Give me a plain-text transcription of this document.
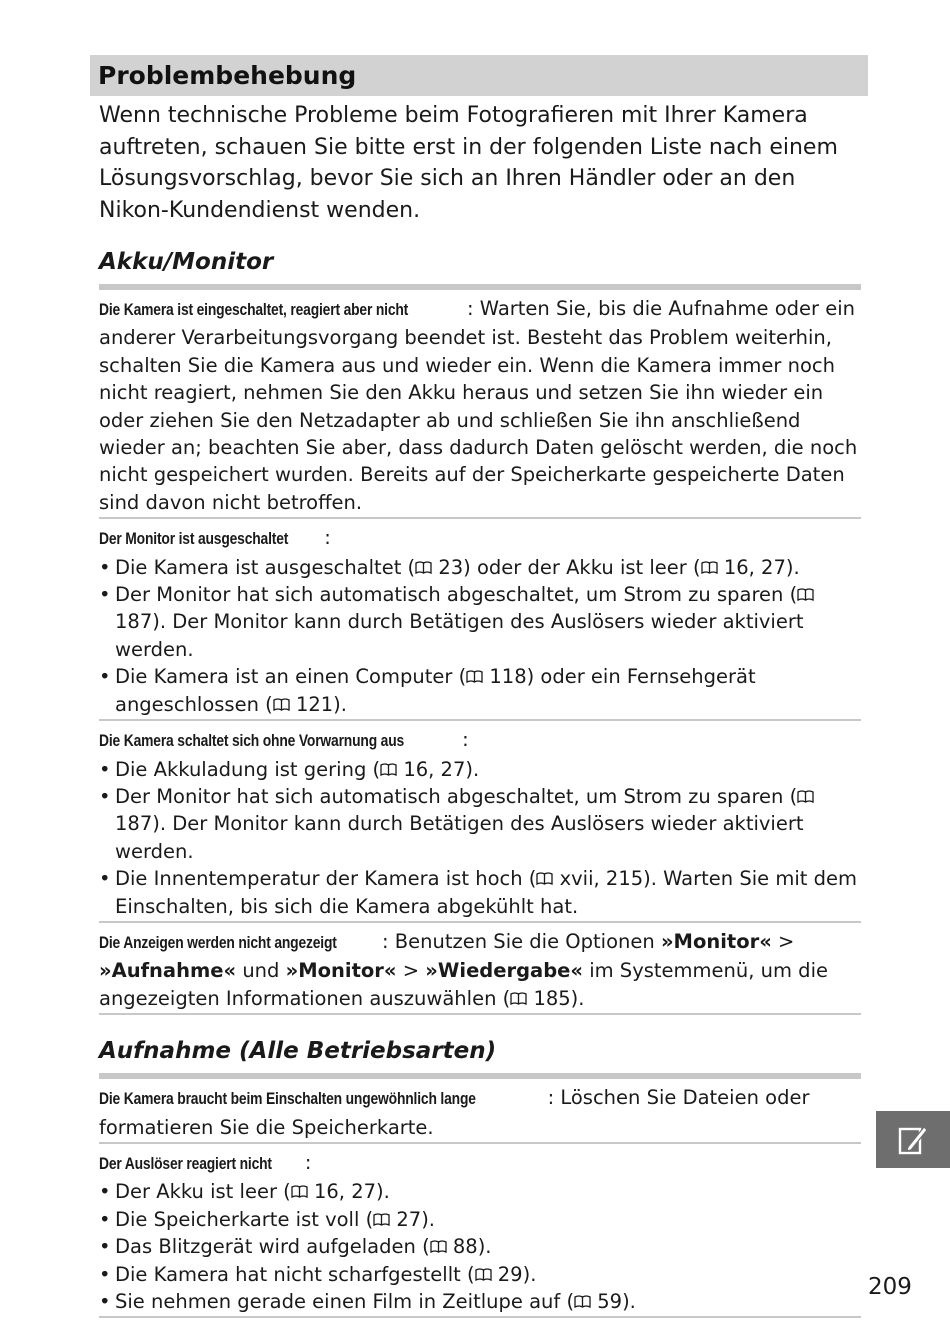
Problembehebung

Wenn technische Probleme beim Fotografieren mit Ihrer Kamera auftreten, schauen Sie bitte erst in der folgenden Liste nach einem Lösungsvorschlag, bevor Sie sich an Ihren Händler oder an den Nikon-Kundendienst wenden.

Akku/Monitor

Die Kamera ist eingeschaltet, reagiert aber nicht	: Warten Sie, bis die Aufnahme oder ein anderer Verarbeitungsvorgang beendet ist. Besteht das Problem weiterhin, schalten Sie die Kamera aus und wieder ein. Wenn die Kamera immer noch nicht reagiert, nehmen Sie den Akku heraus und setzen Sie ihn wieder ein oder ziehen Sie den Netzadapter ab und schließen Sie ihn anschließend wieder an; beachten Sie aber, dass dadurch Daten gelöscht werden, die noch nicht gespeichert wurden. Bereits auf der Speicherkarte gespeicherte Daten sind davon nicht betroffen.

Der Monitor ist ausgeschaltet :

• Die Kamera ist ausgeschaltet ( 23) oder der Akku ist leer ( 16, 27).
• Der Monitor hat sich automatisch abgeschaltet, um Strom zu sparen ( 187). Der Monitor kann durch Betätigen des Auslösers wieder aktiviert werden.
• Die Kamera ist an einen Computer ( 118) oder ein Fernsehgerät angeschlossen ( 121).

Die Kamera schaltet sich ohne Vorwarnung aus	:

• Die Akkuladung ist gering ( 16, 27).
• Der Monitor hat sich automatisch abgeschaltet, um Strom zu sparen ( 187). Der Monitor kann durch Betätigen des Auslösers wieder aktiviert werden.
• Die Innentemperatur der Kamera ist hoch ( xvii, 215). Warten Sie mit dem Einschalten, bis sich die Kamera abgekühlt hat.

Die Anzeigen werden nicht angezeigt : Benutzen Sie die Optionen »Monitor« > »Aufnahme« und »Monitor« > »Wiedergabe« im Systemmenü, um die angezeigten Informationen auszuwählen ( 185).

Aufnahme (Alle Betriebsarten)

Die Kamera braucht beim Einschalten ungewöhnlich lange	: Löschen Sie Dateien oder formatieren Sie die Speicherkarte.

Der Auslöser reagiert nicht :

• Der Akku ist leer ( 16, 27).
• Die Speicherkarte ist voll ( 27).
• Das Blitzgerät wird aufgeladen ( 88).
• Die Kamera hat nicht scharfgestellt ( 29).
• Sie nehmen gerade einen Film in Zeitlupe auf ( 59).
209
